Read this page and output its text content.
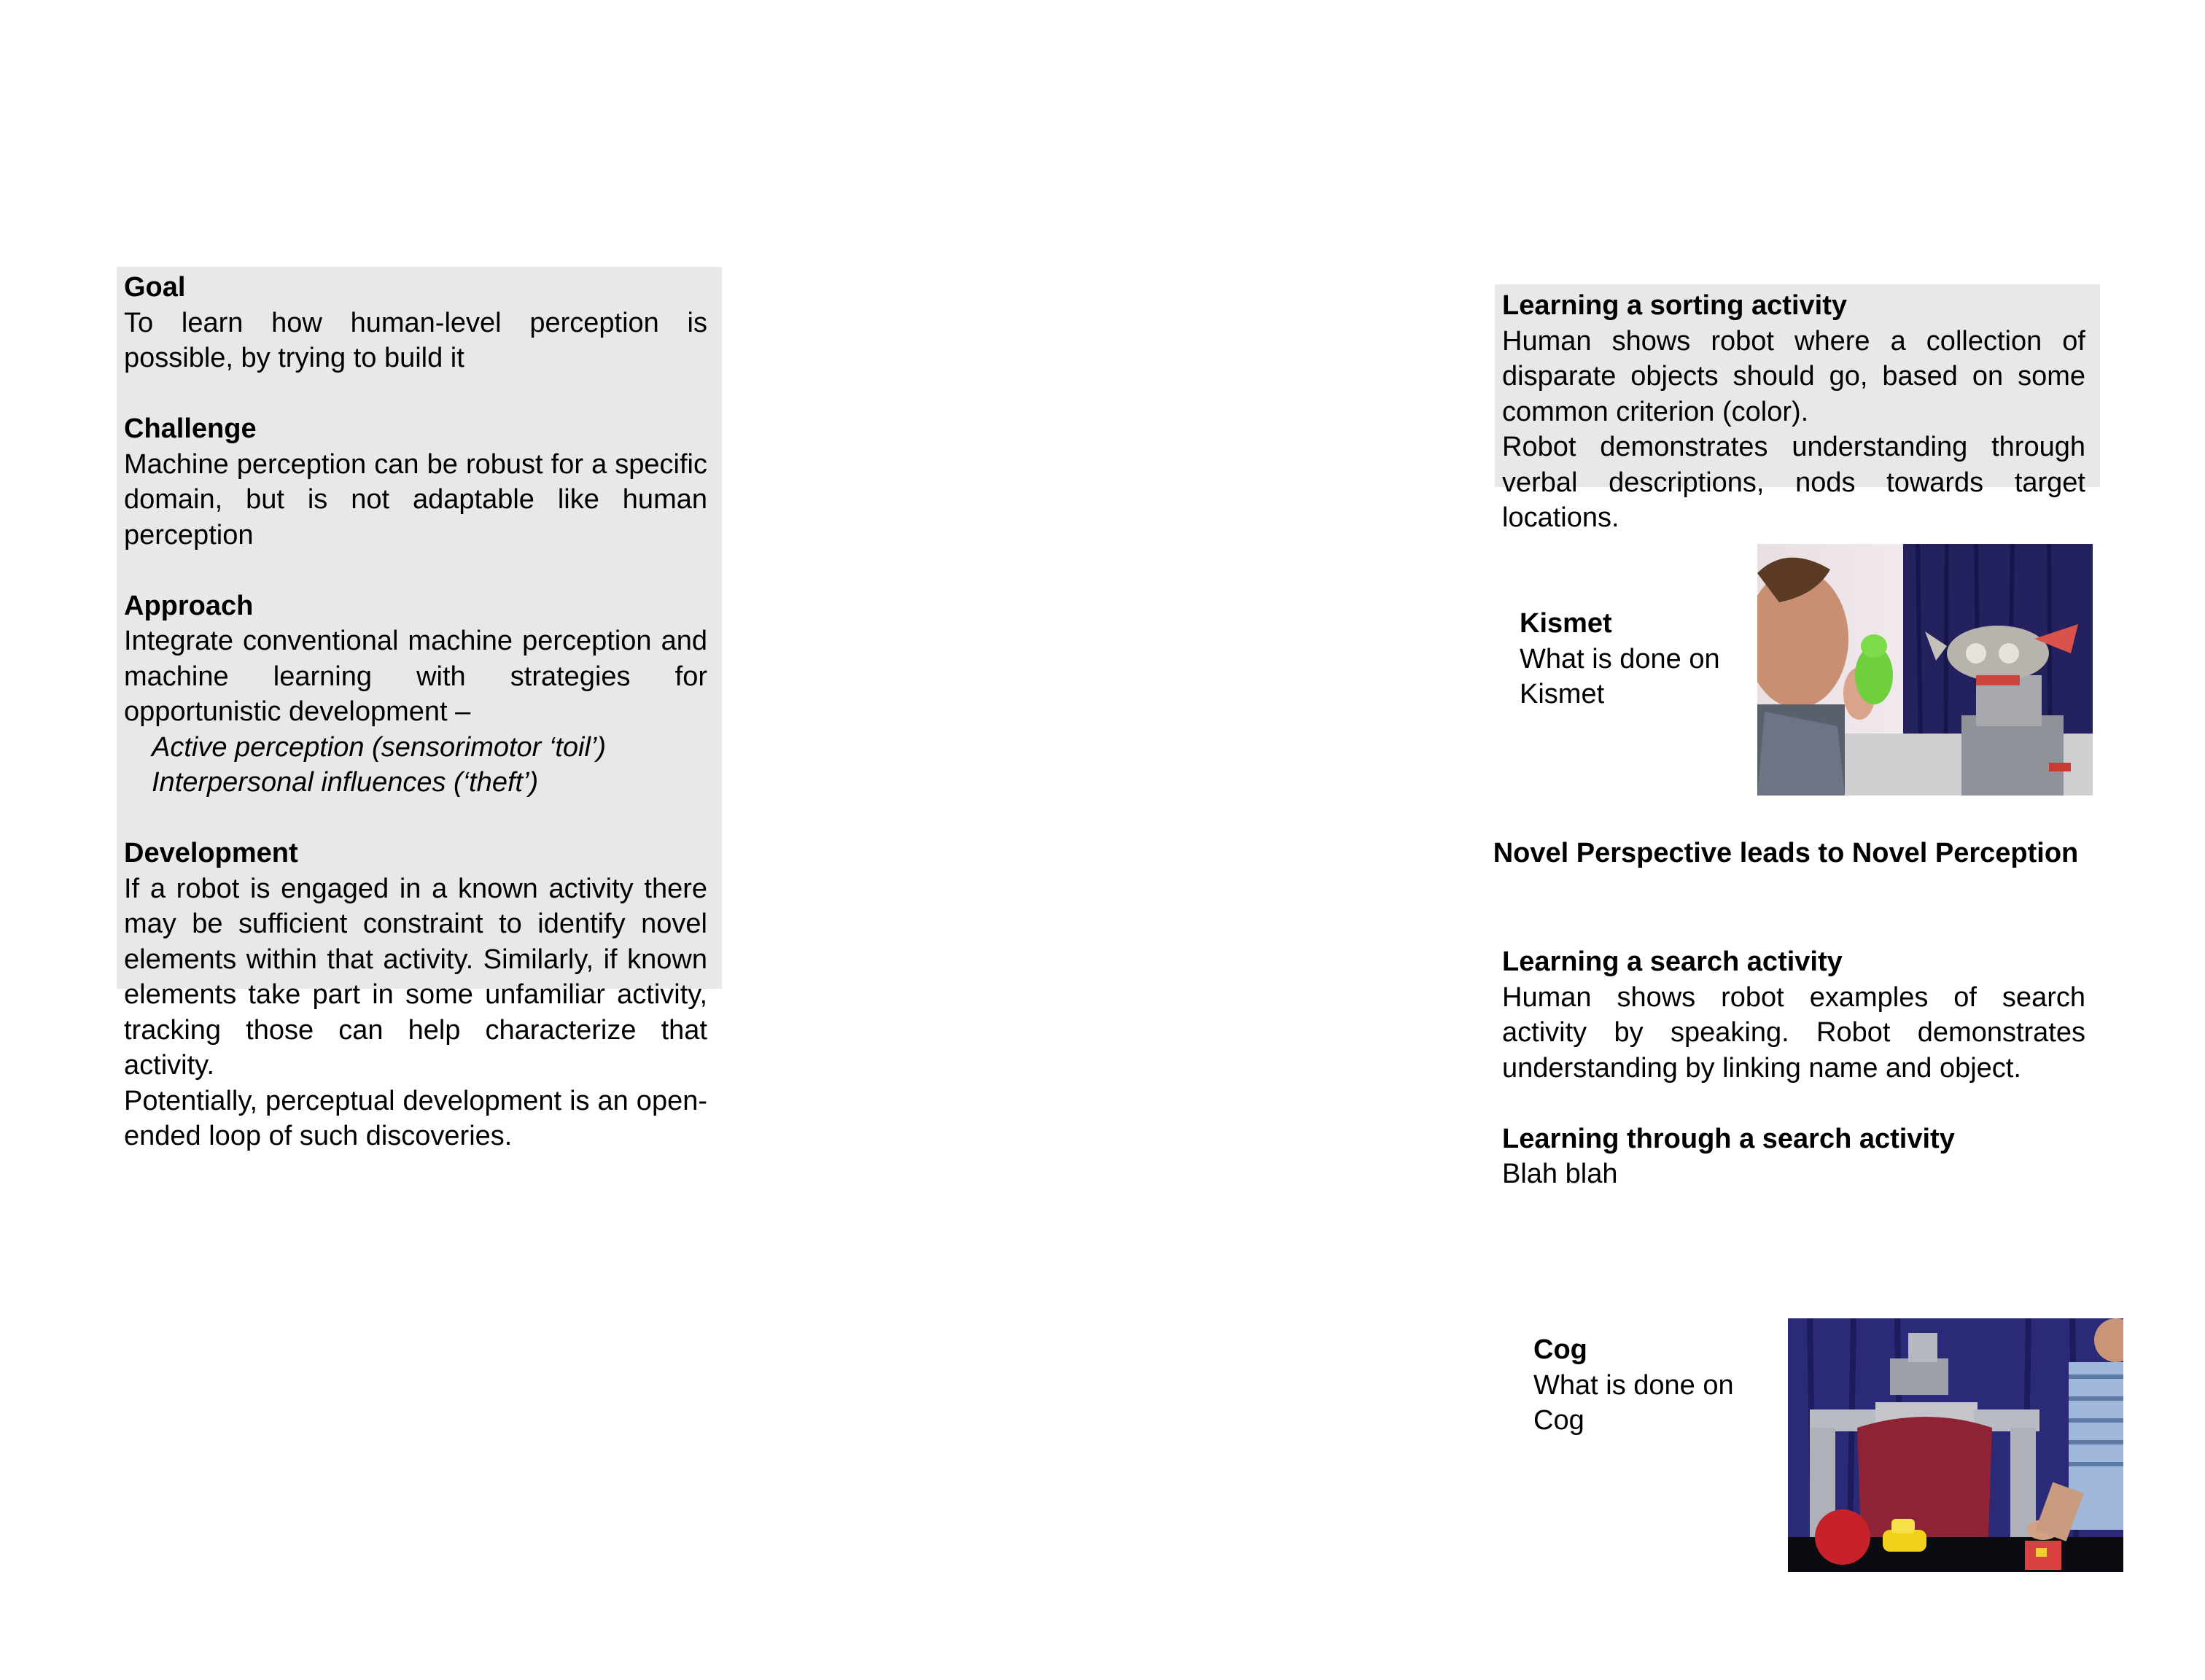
Goal

To learn how human-level perception is possible, by trying to build it

Challenge

Machine perception can be robust for a specific domain, but is not adaptable like human perception

Approach

Integrate conventional machine perception and machine learning with strategies for opportunistic development –

Active perception (sensorimotor ‘toil’)

Interpersonal influences (‘theft’)

Development

If a robot is engaged in a known activity there may be sufficient constraint to identify novel elements within that activity. Similarly, if known elements take part in some unfamiliar activity, tracking those can help characterize that activity.

Potentially, perceptual development is an open-ended loop of such discoveries.

Learning a sorting activity

Human shows robot where a collection of disparate objects should go, based on some common criterion (color).

Robot demonstrates understanding through verbal descriptions, nods towards target locations.

Kismet

What is done on Kismet

Novel Perspective leads to Novel Perception
Learning a search activity

Human shows robot examples of search activity by speaking. Robot demonstrates understanding by linking name and object.

Learning through a search activity

Blah blah

Cog

What is done on Cog
